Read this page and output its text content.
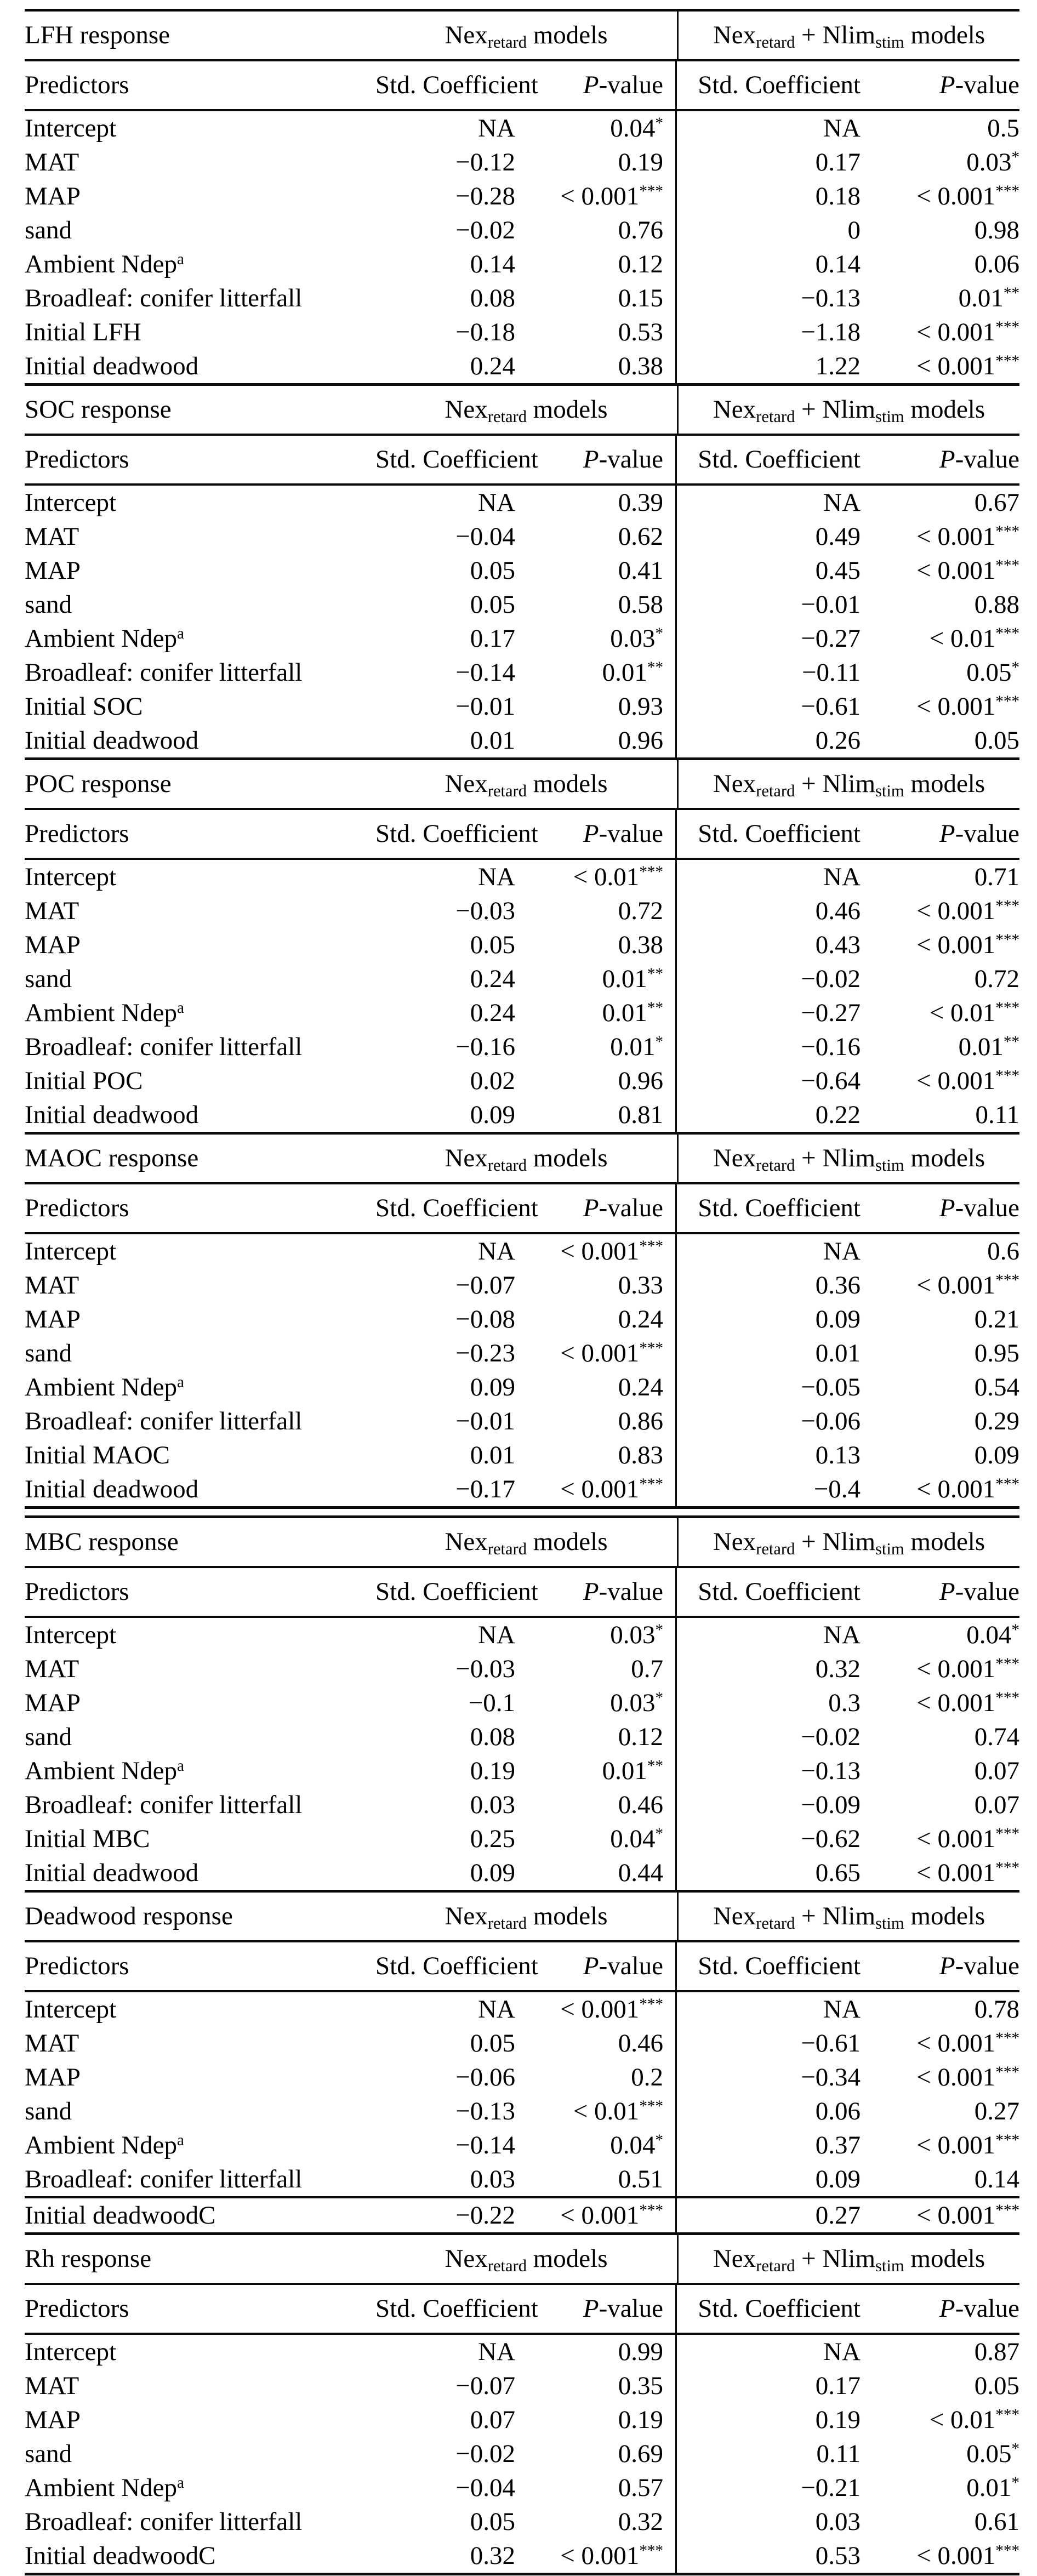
LFH response	Nexretard models	Nexretard + Nlimstim models
Predictors	Std. Coefficient	P-value	Std. Coefficient	P-value
Intercept	NA	0.04*	NA	0.5
MAT	−0.12	0.19	0.17	0.03*
MAP	−0.28	< 0.001***	0.18	< 0.001***
sand	−0.02	0.76	0	0.98
Ambient Ndep$^a$	0.14	0.12	0.14	0.06
Broadleaf: conifer litterfall	0.08	0.15	−0.13	0.01**
Initial LFH	−0.18	0.53	−1.18	< 0.001***
Initial deadwood	0.24	0.38	1.22	< 0.001***
SOC response	Nexretard models	Nexretard + Nlimstim models
Predictors	Std. Coefficient	P-value	Std. Coefficient	P-value
Intercept	NA	0.39	NA	0.67
MAT	−0.04	0.62	0.49	< 0.001***
MAP	0.05	0.41	0.45	< 0.001***
sand	0.05	0.58	−0.01	0.88
Ambient Ndep$^a$	0.17	0.03*	−0.27	< 0.01***
Broadleaf: conifer litterfall	−0.14	0.01**	−0.11	0.05*
Initial SOC	−0.01	0.93	−0.61	< 0.001***
Initial deadwood	0.01	0.96	0.26	0.05
POC response	Nexretard models	Nexretard + Nlimstim models
Predictors	Std. Coefficient	P-value	Std. Coefficient	P-value
Intercept	NA	< 0.01***	NA	0.71
MAT	−0.03	0.72	0.46	< 0.001***
MAP	0.05	0.38	0.43	< 0.001***
sand	0.24	0.01**	−0.02	0.72
Ambient Ndep$^a$	0.24	0.01**	−0.27	< 0.01***
Broadleaf: conifer litterfall	−0.16	0.01*	−0.16	0.01**
Initial POC	0.02	0.96	−0.64	< 0.001***
Initial deadwood	0.09	0.81	0.22	0.11
MAOC response	Nexretard models	Nexretard + Nlimstim models
Predictors	Std. Coefficient	P-value	Std. Coefficient	P-value
Intercept	NA	< 0.001***	NA	0.6
MAT	−0.07	0.33	0.36	< 0.001***
MAP	−0.08	0.24	0.09	0.21
sand	−0.23	< 0.001***	0.01	0.95
Ambient Ndep$^a$	0.09	0.24	−0.05	0.54
Broadleaf: conifer litterfall	−0.01	0.86	−0.06	0.29
Initial MAOC	0.01	0.83	0.13	0.09
Initial deadwood	−0.17	< 0.001***	−0.4	< 0.001***
MBC response	Nexretard models	Nexretard + Nlimstim models
Predictors	Std. Coefficient	P-value	Std. Coefficient	P-value
Intercept	NA	0.03*	NA	0.04*
MAT	−0.03	0.7	0.32	< 0.001***
MAP	−0.1	0.03*	0.3	< 0.001***
sand	0.08	0.12	−0.02	0.74
Ambient Ndep$^a$	0.19	0.01**	−0.13	0.07
Broadleaf: conifer litterfall	0.03	0.46	−0.09	0.07
Initial MBC	0.25	0.04*	−0.62	< 0.001***
Initial deadwood	0.09	0.44	0.65	< 0.001***
Deadwood response	Nexretard models	Nexretard + Nlimstim models
Predictors	Std. Coefficient	P-value	Std. Coefficient	P-value
Intercept	NA	< 0.001***	NA	0.78
MAT	0.05	0.46	−0.61	< 0.001***
MAP	−0.06	0.2	−0.34	< 0.001***
sand	−0.13	< 0.01***	0.06	0.27
Ambient Ndep$^a$	−0.14	0.04*	0.37	< 0.001***
Broadleaf: conifer litterfall	0.03	0.51	0.09	0.14
Initial deadwoodC	−0.22	< 0.001***	0.27	< 0.001***
Rh response	Nexretard models	Nexretard + Nlimstim models
Predictors	Std. Coefficient	P-value	Std. Coefficient	P-value
Intercept	NA	0.99	NA	0.87
MAT	−0.07	0.35	0.17	0.05
MAP	0.07	0.19	0.19	< 0.01***
sand	−0.02	0.69	0.11	0.05*
Ambient Ndep$^a$	−0.04	0.57	−0.21	0.01*
Broadleaf: conifer litterfall	0.05	0.32	0.03	0.61
Initial deadwoodC	0.32	< 0.001***	0.53	< 0.001***
